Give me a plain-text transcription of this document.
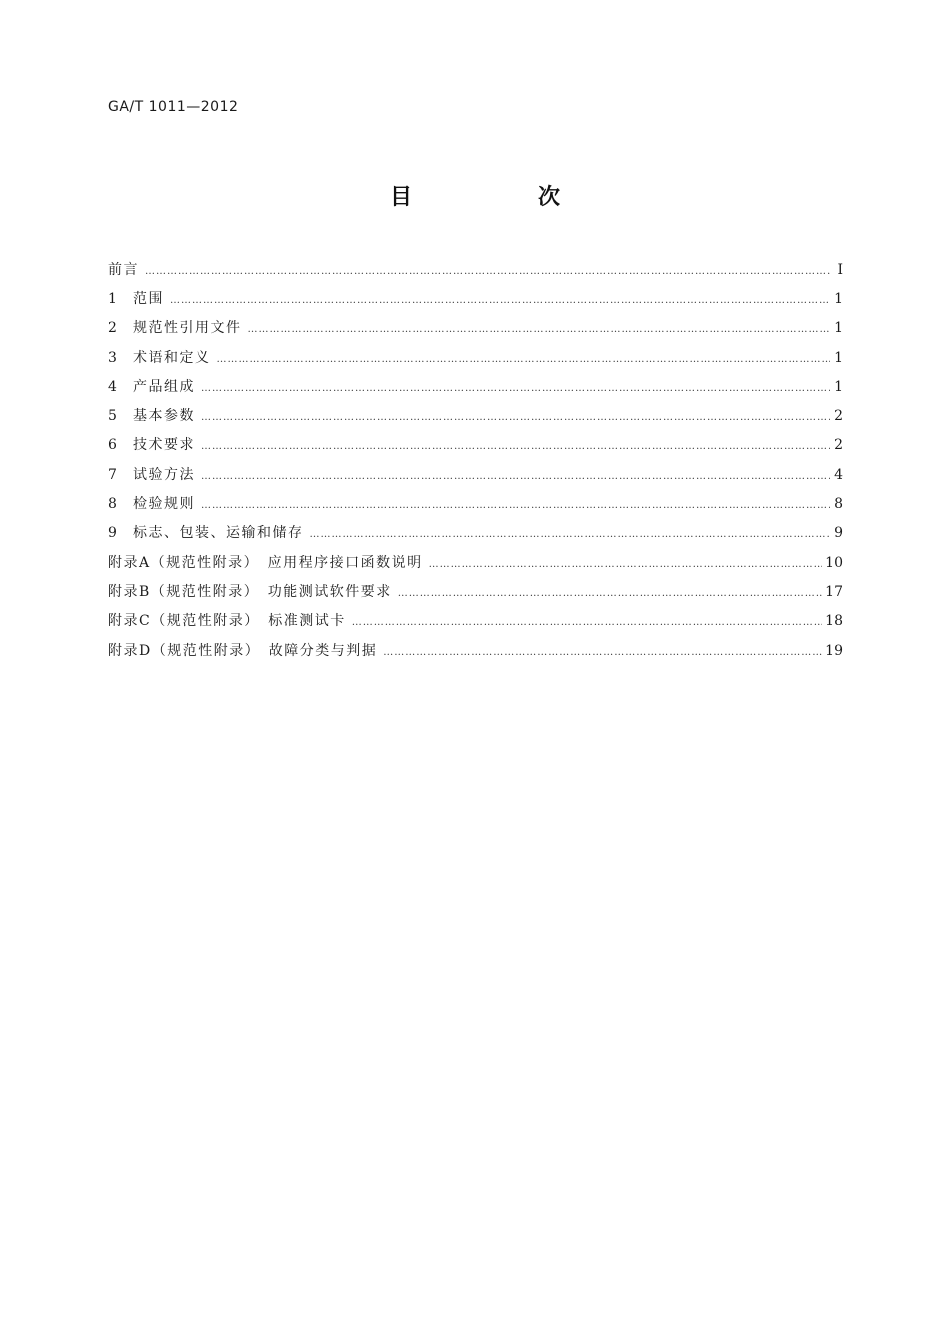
GA/T 1011—2012
目　次
前言 ………………………………………………………………………………………………………………………………………………………………………………………………………………………………………………	Ⅰ
1 范围 ………………………………………………………………………………………………………………………………………………………………………………………………………………………………………………	1
2 规范性引用文件 ………………………………………………………………………………………………………………………………………………………………………………………………………………………………………………	1
3 术语和定义 ………………………………………………………………………………………………………………………………………………………………………………………………………………………………………………	1
4 产品组成 ………………………………………………………………………………………………………………………………………………………………………………………………………………………………………………	1
5 基本参数 ………………………………………………………………………………………………………………………………………………………………………………………………………………………………………………	2
6 技术要求 ………………………………………………………………………………………………………………………………………………………………………………………………………………………………………………	2
7 试验方法 ………………………………………………………………………………………………………………………………………………………………………………………………………………………………………………	4
8 检验规则 ………………………………………………………………………………………………………………………………………………………………………………………………………………………………………………	8
9 标志、包装、运输和储存 ………………………………………………………………………………………………………………………………………………………………………………………………………………………………………………	9
附录A（规范性附录）　应用程序接口函数说明 ………………………………………………………………………………………………………………………………………………………………………………………………………………………………………………	10
附录B（规范性附录）　功能测试软件要求 ………………………………………………………………………………………………………………………………………………………………………………………………………………………………………………	17
附录C（规范性附录）　标准测试卡 ………………………………………………………………………………………………………………………………………………………………………………………………………………………………………………	18
附录D（规范性附录）　故障分类与判据 ………………………………………………………………………………………………………………………………………………………………………………………………………………………………………………	19
